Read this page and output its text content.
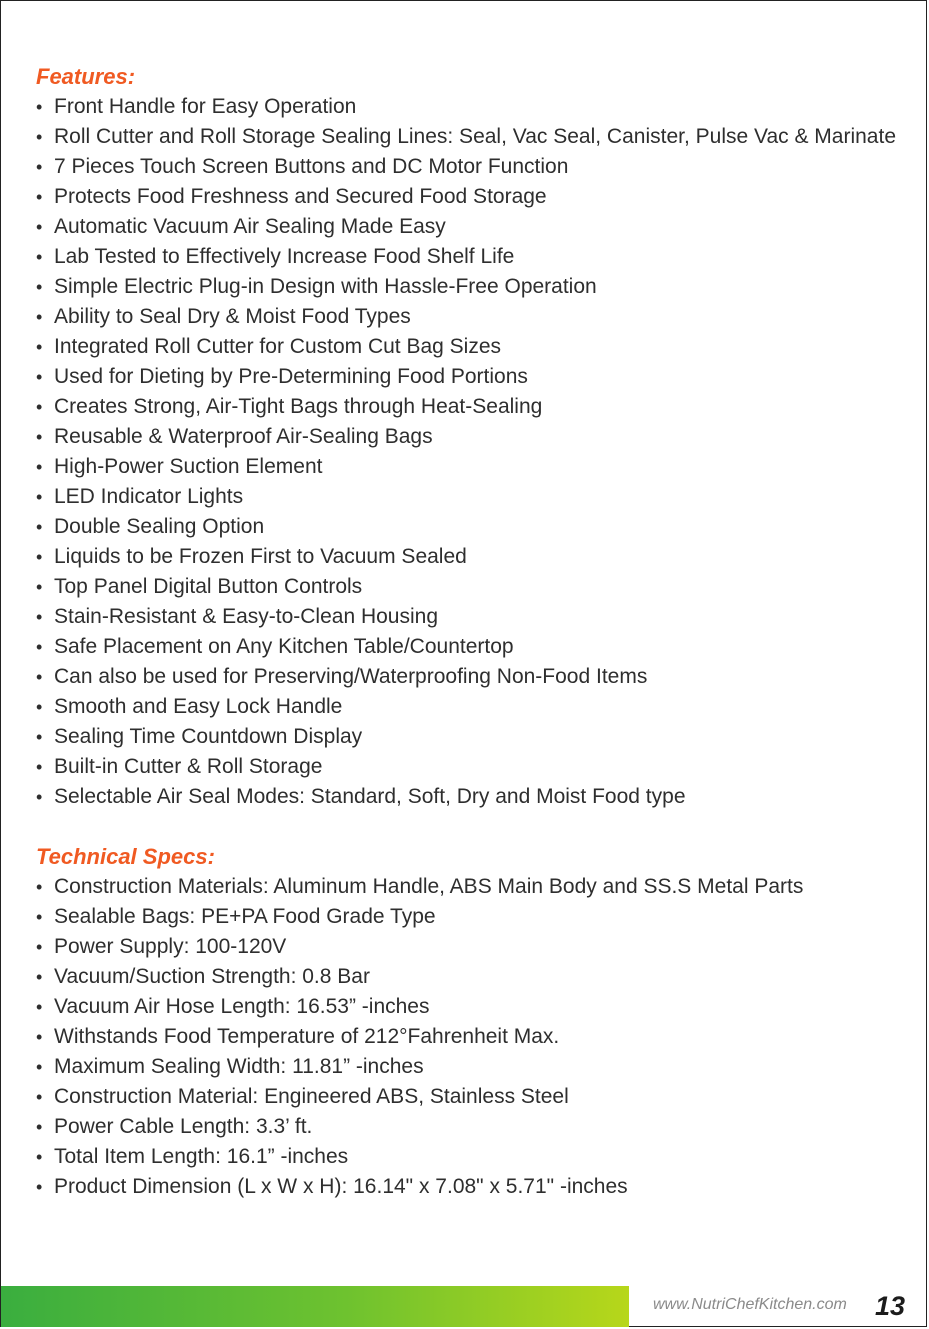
Features:
• Front Handle for Easy Operation
• Roll Cutter and Roll Storage Sealing Lines: Seal, Vac Seal, Canister, Pulse Vac & Marinate
• 7 Pieces Touch Screen Buttons and DC Motor Function
• Protects Food Freshness and Secured Food Storage
• Automatic Vacuum Air Sealing Made Easy
• Lab Tested to Effectively Increase Food Shelf Life
• Simple Electric Plug-in Design with Hassle-Free Operation
• Ability to Seal Dry & Moist Food Types
• Integrated Roll Cutter for Custom Cut Bag Sizes
• Used for Dieting by Pre-Determining Food Portions
• Creates Strong, Air-Tight Bags through Heat-Sealing
• Reusable & Waterproof Air-Sealing Bags
• High-Power Suction Element
• LED Indicator Lights
• Double Sealing Option
• Liquids to be Frozen First to Vacuum Sealed
• Top Panel Digital Button Controls
• Stain-Resistant & Easy-to-Clean Housing
• Safe Placement on Any Kitchen Table/Countertop
• Can also be used for Preserving/Waterproofing Non-Food Items
• Smooth and Easy Lock Handle
• Sealing Time Countdown Display
• Built-in Cutter & Roll Storage
• Selectable Air Seal Modes: Standard, Soft, Dry and Moist Food type
Technical Specs:
• Construction Materials: Aluminum Handle, ABS Main Body and SS.S Metal Parts
• Sealable Bags: PE+PA Food Grade Type
• Power Supply: 100-120V
• Vacuum/Suction Strength: 0.8 Bar
• Vacuum Air Hose Length: 16.53” -inches
• Withstands Food Temperature of 212°Fahrenheit Max.
• Maximum Sealing Width: 11.81” -inches
• Construction Material: Engineered ABS, Stainless Steel
• Power Cable Length: 3.3’ ft.
• Total Item Length: 16.1” -inches
• Product Dimension (L x W x H): 16.14" x 7.08" x 5.71" -inches
www.NutriChefKitchen.com 13
